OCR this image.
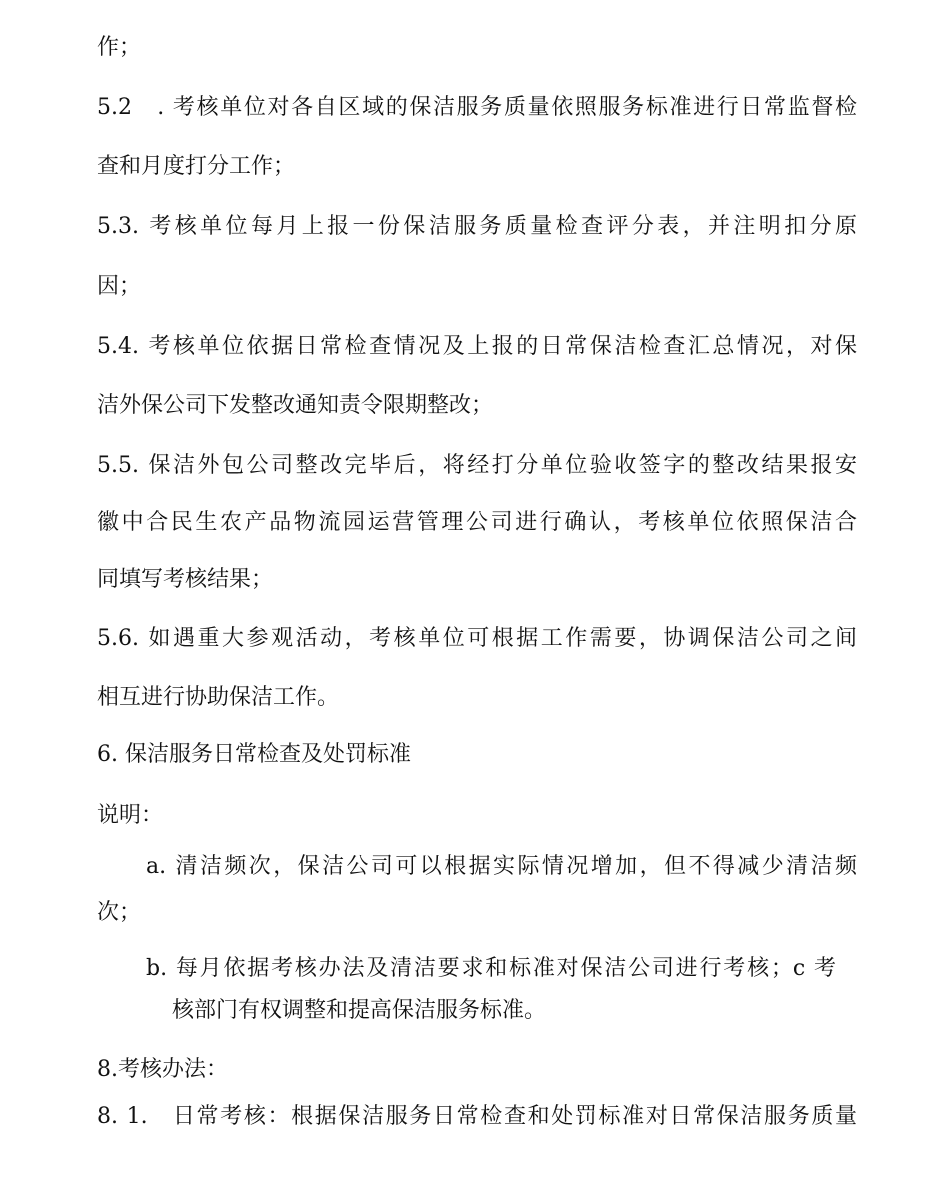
作；
5.2　. 考核单位对各自区域的保洁服务质量依照服务标准进行日常监督检
查和月度打分工作；
5.3. 考核单位每月上报一份保洁服务质量检查评分表，并注明扣分原
因；
5.4. 考核单位依据日常检查情况及上报的日常保洁检查汇总情况，对保
洁外保公司下发整改通知责令限期整改；
5.5. 保洁外包公司整改完毕后，将经打分单位验收签字的整改结果报安
徽中合民生农产品物流园运营管理公司进行确认，考核单位依照保洁合
同填写考核结果；
5.6. 如遇重大参观活动，考核单位可根据工作需要，协调保洁公司之间
相互进行协助保洁工作。
6. 保洁服务日常检查及处罚标准
说明：
a. 清洁频次，保洁公司可以根据实际情况增加，但不得减少清洁频
次；
b. 每月依据考核办法及清洁要求和标准对保洁公司进行考核；c 考
核部门有权调整和提高保洁服务标准。
8.考核办法：
8. 1.　日常考核：根据保洁服务日常检查和处罚标准对日常保洁服务质量
